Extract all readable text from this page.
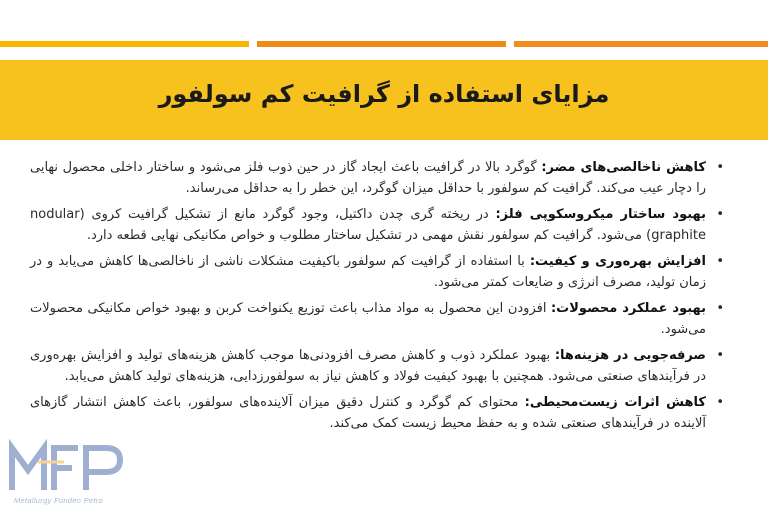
مزایای استفاده از گرافیت کم سولفور
•
کاهش ناخالصی‌های مضر: گوگرد بالا در گرافیت باعث ایجاد گاز در حین ذوب فلز می‌شود و ساختار داخلی محصول نهایی را دچار عیب می‌کند. گرافیت کم سولفور با حداقل میزان گوگرد، این خطر را به حداقل می‌رساند.
•
بهبود ساختار میکروسکوپی فلز: در ریخته گری چدن داکتیل، وجود گوگرد مانع از تشکیل گرافیت کروی (nodular graphite) می‌شود. گرافیت کم سولفور نقش مهمی در تشکیل ساختار مطلوب و خواص مکانیکی نهایی قطعه دارد.
•
افزایش بهره‌وری و کیفیت: با استفاده از گرافیت کم سولفور باکیفیت مشکلات ناشی از ناخالصی‌ها کاهش می‌یابد و در زمان تولید، مصرف انرژی و ضایعات کمتر می‌شود.
•
بهبود عملکرد محصولات: افزودن این محصول به مواد مذاب باعث توزیع یکنواخت کربن و بهبود خواص مکانیکی محصولات می‌شود.
•
صرفه‌جویی در هزینه‌ها: بهبود عملکرد ذوب و کاهش مصرف افزودنی‌ها موجب کاهش هزینه‌های تولید و افزایش بهره‌وری در فرآیندهای صنعتی می‌شود. همچنین با بهبود کیفیت فولاد و کاهش نیاز به سولفورزدایی، هزینه‌های تولید کاهش می‌یابد.
•
کاهش اثرات زیست‌محیطی: محتوای کم گوگرد و کنترل دقیق میزان آلاینده‌های سولفور، باعث کاهش انتشار گازهای آلاینده در فرآیندهای صنعتی شده و به حفظ محیط زیست کمک می‌کند.
Metallurgy Fonden Petro
